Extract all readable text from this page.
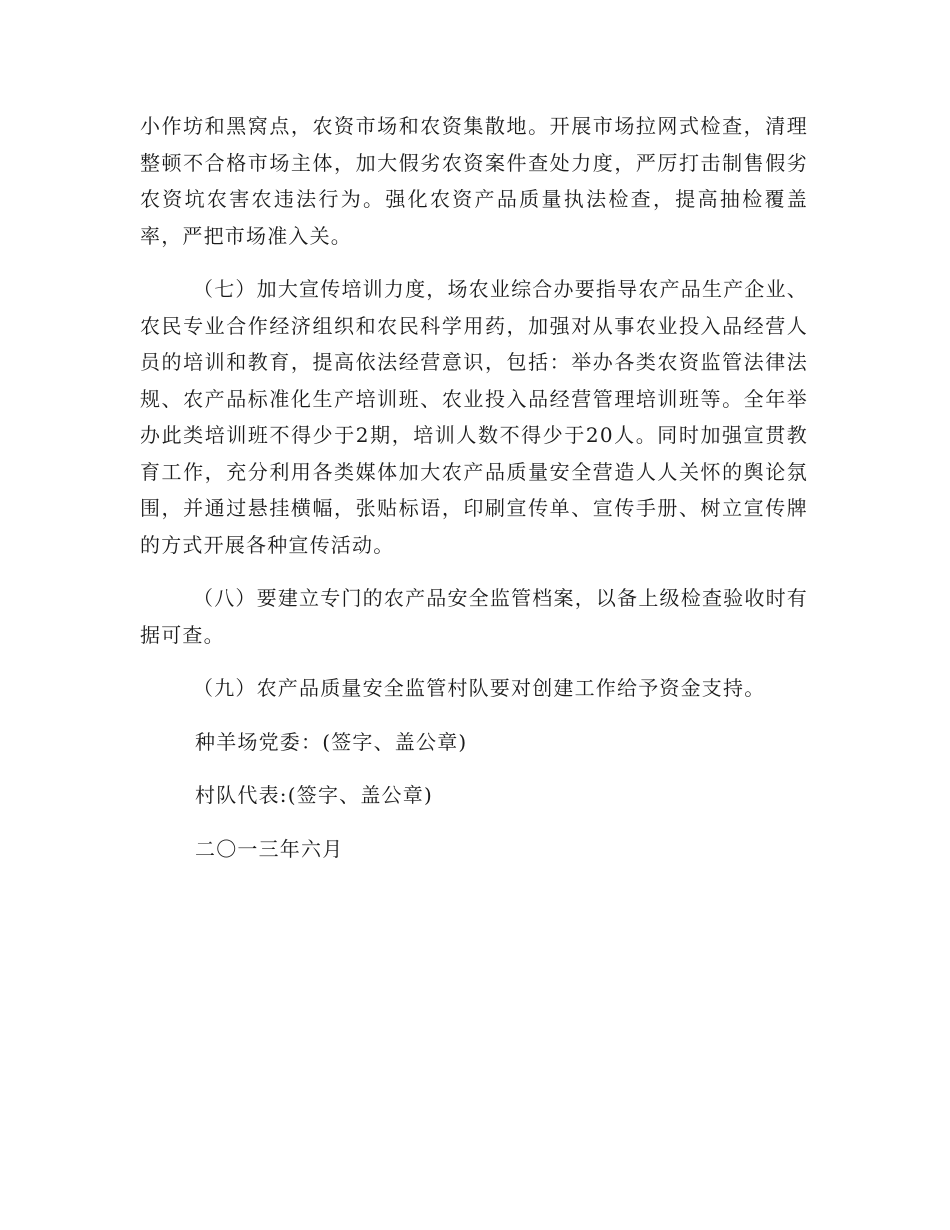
小作坊和黑窝点，农资市场和农资集散地。开展市场拉网式检查，清理整顿不合格市场主体，加大假劣农资案件查处力度，严厉打击制售假劣农资坑农害农违法行为。强化农资产品质量执法检查，提高抽检覆盖率，严把市场准入关。

（七）加大宣传培训力度，场农业综合办要指导农产品生产企业、农民专业合作经济组织和农民科学用药，加强对从事农业投入品经营人员的培训和教育，提高依法经营意识，包括：举办各类农资监管法律法规、农产品标准化生产培训班、农业投入品经营管理培训班等。全年举办此类培训班不得少于2期，培训人数不得少于20人。同时加强宣贯教育工作，充分利用各类媒体加大农产品质量安全营造人人关怀的舆论氛围，并通过悬挂横幅，张贴标语，印刷宣传单、宣传手册、树立宣传牌的方式开展各种宣传活动。

（八）要建立专门的农产品安全监管档案，以备上级检查验收时有据可查。

（九）农产品质量安全监管村队要对创建工作给予资金支持。

种羊场党委：(签字、盖公章)

村队代表:(签字、盖公章)

二〇一三年六月
